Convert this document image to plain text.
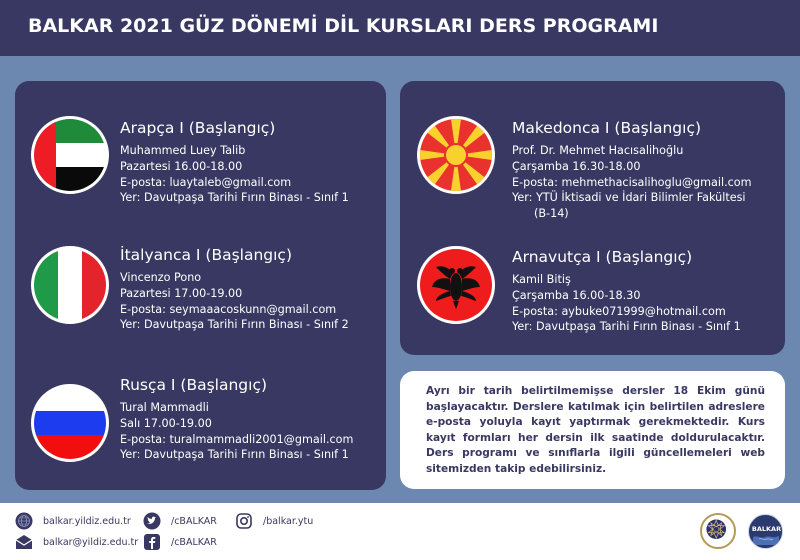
BALKAR 2021 GÜZ DÖNEMİ DİL KURSLARI DERS PROGRAMI
Arapça I (Başlangıç)
Muhammed Luey Talib
Pazartesi 16.00-18.00
E-posta: luaytaleb@gmail.com
Yer: Davutpaşa Tarihi Fırın Binası - Sınıf 1
İtalyanca I (Başlangıç)
Vincenzo Pono
Pazartesi 17.00-19.00
E-posta: seymaaacoskunn@gmail.com
Yer: Davutpaşa Tarihi Fırın Binası - Sınıf 2
Rusça I (Başlangıç)
Tural Mammadli
Salı 17.00-19.00
E-posta: turalmammadli2001@gmail.com
Yer: Davutpaşa Tarihi Fırın Binası - Sınıf 1
Makedonca I (Başlangıç)
Prof. Dr. Mehmet Hacısalihoğlu
Çarşamba 16.30-18.00
E-posta: mehmethacisalihoglu@gmail.com
Yer: YTÜ İktisadi ve İdari Bilimler Fakültesi
(B-14)
Arnavutça I (Başlangıç)
Kamil Bitiş
Çarşamba 16.00-18.30
E-posta: aybuke071999@hotmail.com
Yer: Davutpaşa Tarihi Fırın Binası - Sınıf 1

Ayrı bir tarih belirtilmemişse dersler 18 Ekim günü başlayacaktır. Derslere katılmak için belirtilen adreslere e-posta yoluyla kayıt yaptırmak gerekmektedir. Kurs kayıt formları her dersin ilk saatinde doldurulacaktır. Ders programı ve sınıflarla ilgili güncellemeleri web sitemizden takip edebilirsiniz.

balkar.yildiz.edu.tr
balkar@yildiz.edu.tr
/cBALKAR
/cBALKAR
/balkar.ytu
BALKAR
